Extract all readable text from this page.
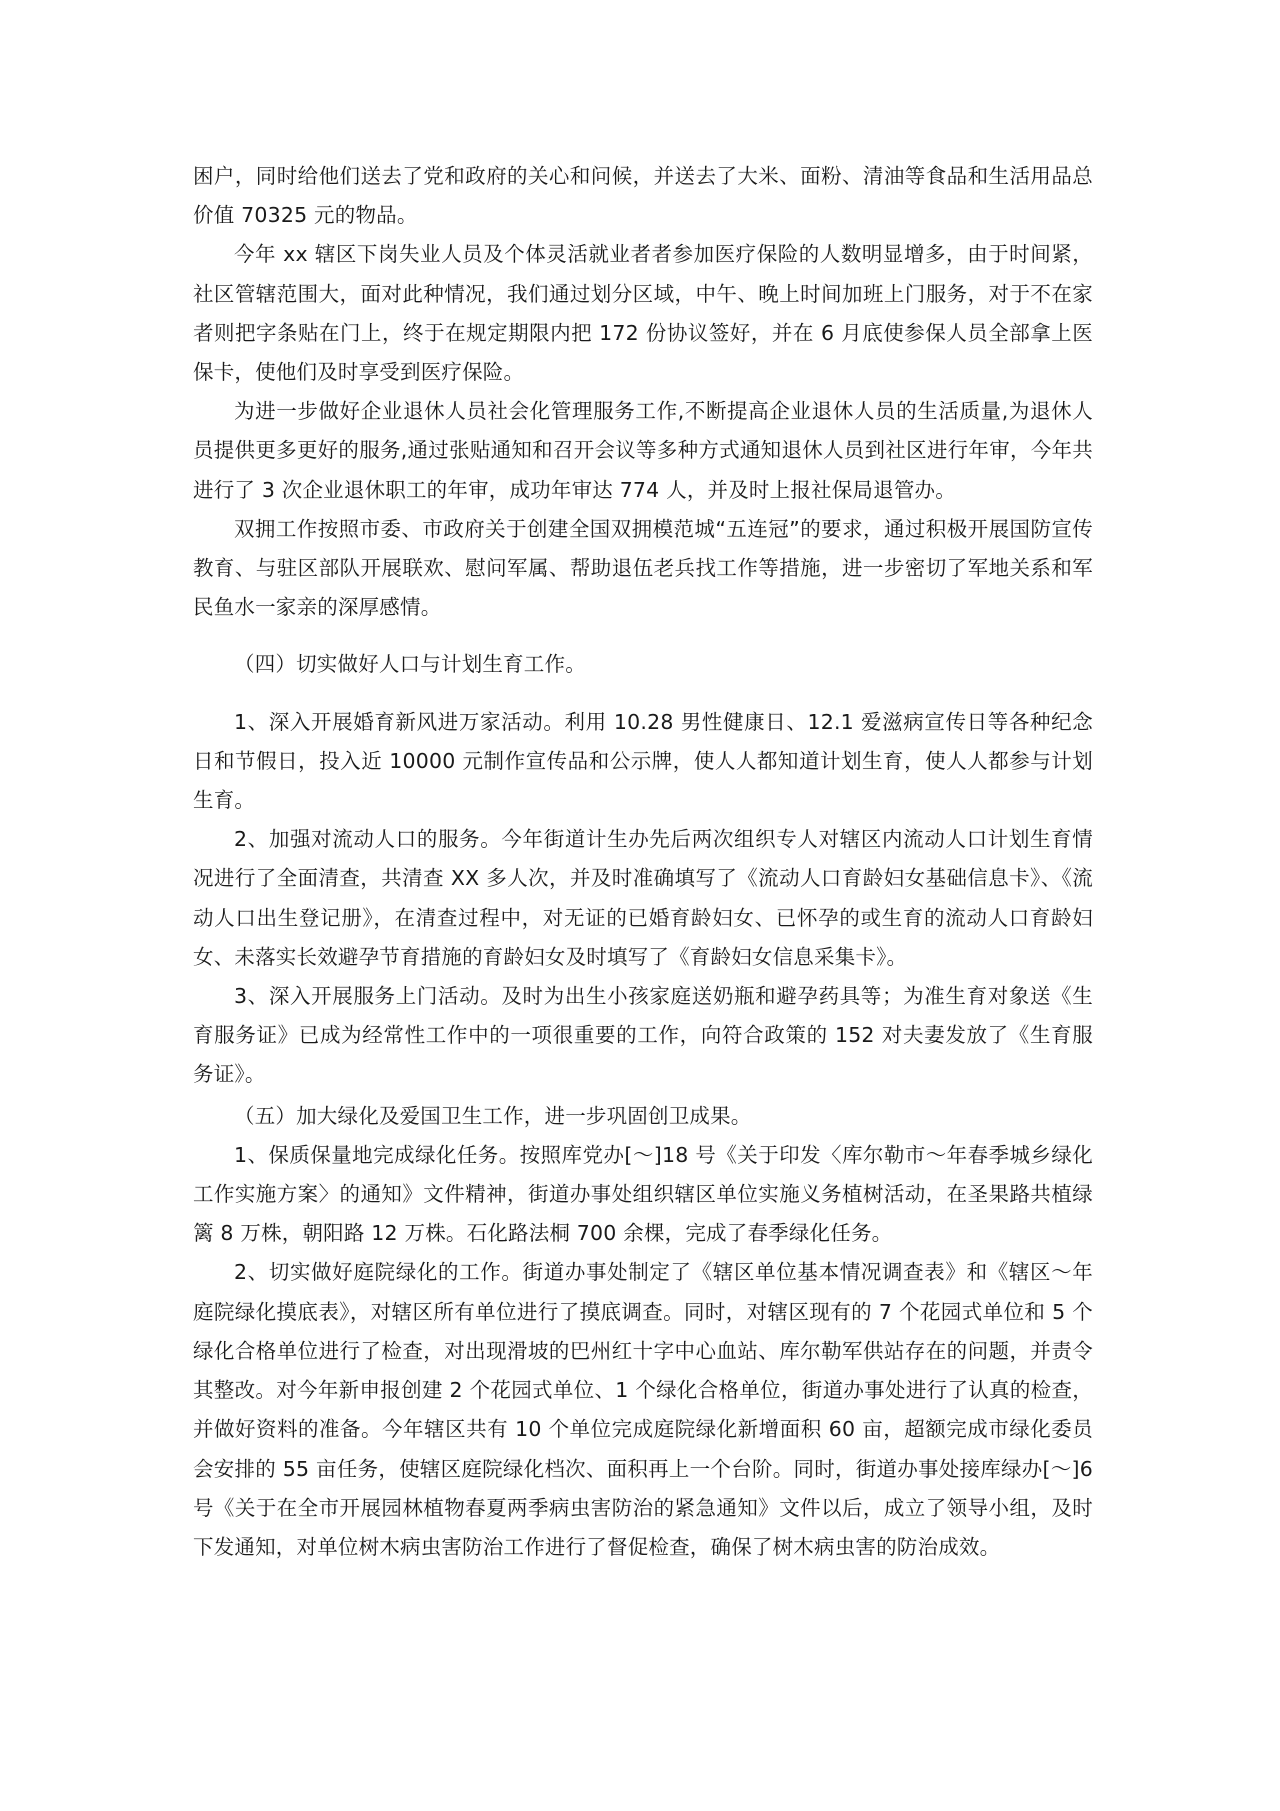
困户，同时给他们送去了党和政府的关心和问候，并送去了大米、面粉、清油等食品和生活用品总价值 70325 元的物品。

今年 xx 辖区下岗失业人员及个体灵活就业者者参加医疗保险的人数明显增多，由于时间紧，社区管辖范围大，面对此种情况，我们通过划分区域，中午、晚上时间加班上门服务，对于不在家者则把字条贴在门上，终于在规定期限内把 172 份协议签好，并在 6 月底使参保人员全部拿上医保卡，使他们及时享受到医疗保险。

为进一步做好企业退休人员社会化管理服务工作,不断提高企业退休人员的生活质量,为退休人员提供更多更好的服务,通过张贴通知和召开会议等多种方式通知退休人员到社区进行年审，今年共进行了 3 次企业退休职工的年审，成功年审达 774 人，并及时上报社保局退管办。

双拥工作按照市委、市政府关于创建全国双拥模范城“五连冠”的要求，通过积极开展国防宣传教育、与驻区部队开展联欢、慰问军属、帮助退伍老兵找工作等措施，进一步密切了军地关系和军民鱼水一家亲的深厚感情。

（四）切实做好人口与计划生育工作。

1、深入开展婚育新风进万家活动。利用 10.28 男性健康日、12.1 爱滋病宣传日等各种纪念日和节假日，投入近 10000 元制作宣传品和公示牌，使人人都知道计划生育，使人人都参与计划生育。

2、加强对流动人口的服务。今年街道计生办先后两次组织专人对辖区内流动人口计划生育情况进行了全面清查，共清查 XX 多人次，并及时准确填写了《流动人口育龄妇女基础信息卡》、《流动人口出生登记册》，在清查过程中，对无证的已婚育龄妇女、已怀孕的或生育的流动人口育龄妇女、未落实长效避孕节育措施的育龄妇女及时填写了《育龄妇女信息采集卡》。

3、深入开展服务上门活动。及时为出生小孩家庭送奶瓶和避孕药具等；为准生育对象送《生育服务证》已成为经常性工作中的一项很重要的工作，向符合政策的 152 对夫妻发放了《生育服务证》。

（五）加大绿化及爱国卫生工作，进一步巩固创卫成果。

1、保质保量地完成绿化任务。按照库党办[～]18 号《关于印发〈库尔勒市～年春季城乡绿化工作实施方案〉的通知》文件精神，街道办事处组织辖区单位实施义务植树活动，在圣果路共植绿篱 8 万株，朝阳路 12 万株。石化路法桐 700 余棵，完成了春季绿化任务。

2、切实做好庭院绿化的工作。街道办事处制定了《辖区单位基本情况调查表》和《辖区～年庭院绿化摸底表》，对辖区所有单位进行了摸底调查。同时，对辖区现有的 7 个花园式单位和 5 个绿化合格单位进行了检查，对出现滑坡的巴州红十字中心血站、库尔勒军供站存在的问题，并责令其整改。对今年新申报创建 2 个花园式单位、1 个绿化合格单位，街道办事处进行了认真的检查，并做好资料的准备。今年辖区共有 10 个单位完成庭院绿化新增面积 60 亩，超额完成市绿化委员会安排的 55 亩任务，使辖区庭院绿化档次、面积再上一个台阶。同时，街道办事处接库绿办[～]6 号《关于在全市开展园林植物春夏两季病虫害防治的紧急通知》文件以后，成立了领导小组，及时下发通知，对单位树木病虫害防治工作进行了督促检查，确保了树木病虫害的防治成效。
